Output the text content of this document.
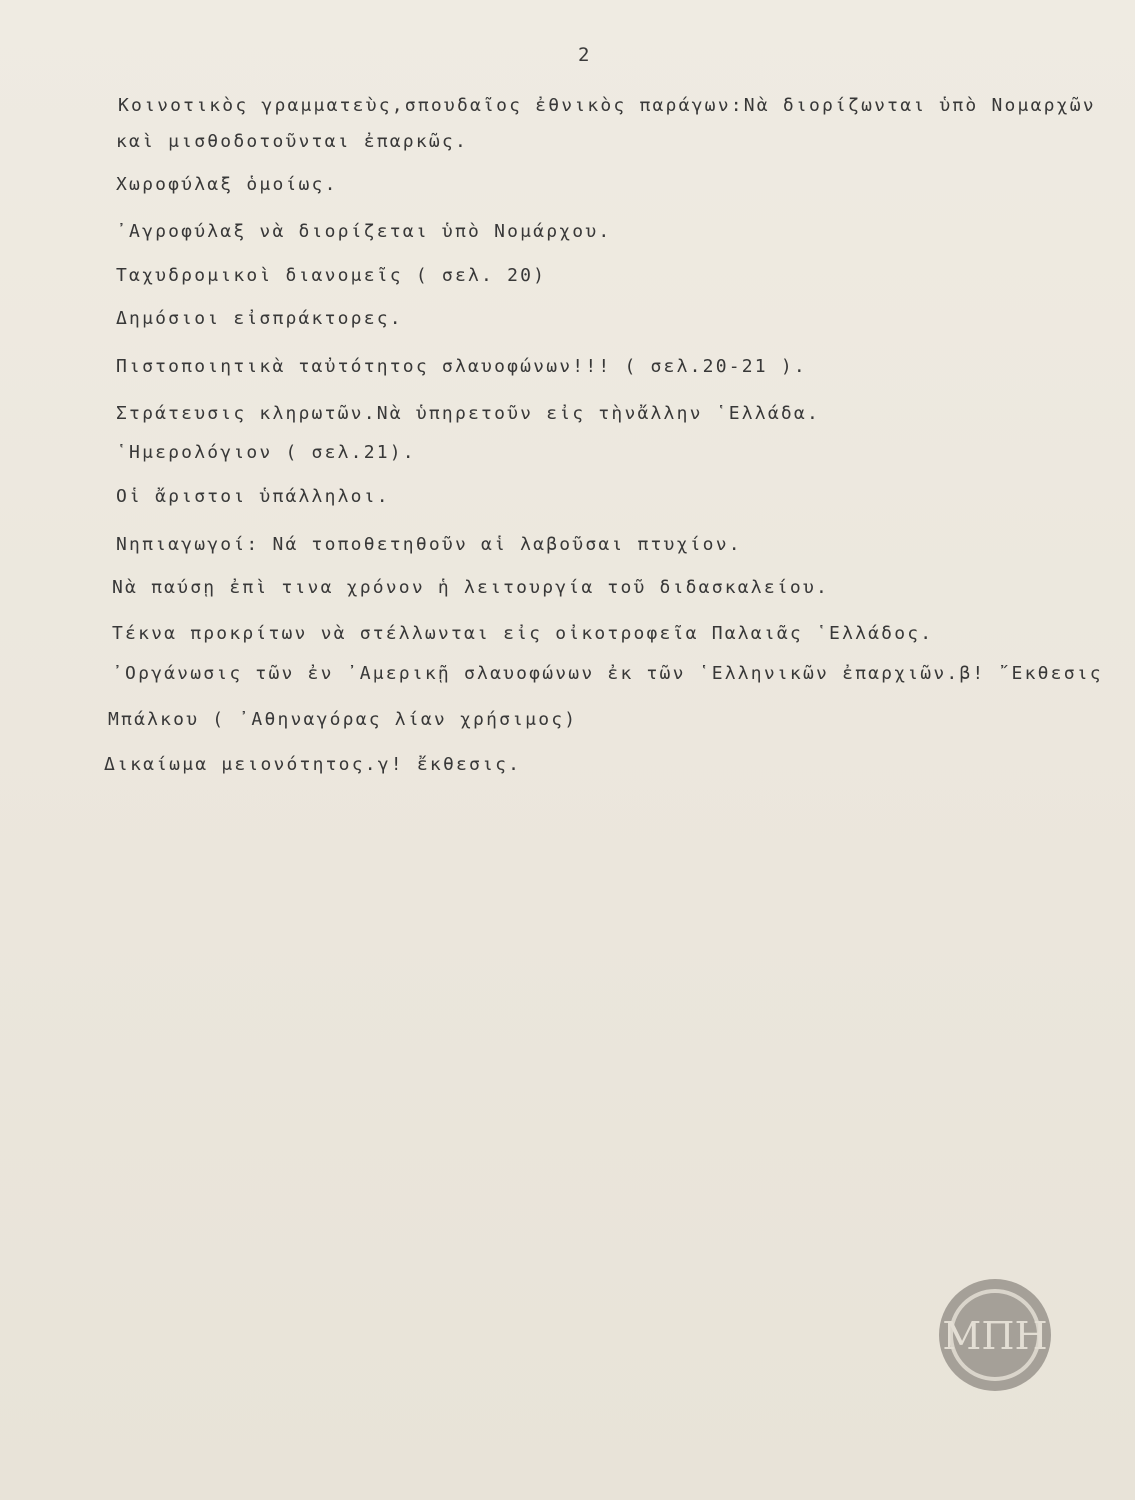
2
Κοινοτικὸς γραμματεὺς,σπουδαῖος ἐθνικὸς παράγων:Νὰ διορίζωνται ὑπὸ Νομαρχῶν
καὶ μισθοδοτοῦνται ἐπαρκῶς.
Χωροφύλαξ ὁμοίως.
᾽Αγροφύλαξ νὰ διορίζεται ὑπὸ Νομάρχου.
Ταχυδρομικοὶ διανομεῖς ( σελ. 20)
Δημόσιοι εἰσπράκτορες.
Πιστοποιητικὰ ταὐτότητος σλαυοφώνων!!! ( σελ.20-21 ).
Στράτευσις κληρωτῶν.Νὰ ὑπηρετοῦν εἰς τὴνἄλλην ῾Ελλάδα.
῾Ημερολόγιον ( σελ.21).
Οἱ ἄριστοι ὑπάλληλοι.
Νηπιαγωγοί: Νά τοποθετηθοῦν αἱ λαβοῦσαι πτυχίον.
Νὰ παύσῃ ἐπὶ τινα χρόνον ἡ λειτουργία τοῦ διδασκαλείου.
Τέκνα προκρίτων νὰ στέλλωνται εἰς οἰκοτροφεῖα Παλαιᾶς ῾Ελλάδος.
᾽Οργάνωσις τῶν ἐν ᾽Αμερικῇ σλαυοφώνων ἐκ τῶν ῾Ελληνικῶν ἐπαρχιῶν.β! ῎Εκθεσις
Μπάλκου ( ᾽Αθηναγόρας λίαν χρήσιμος)
Δικαίωμα μειονότητος.γ! ἔκθεσις.
ΜΠΗ
